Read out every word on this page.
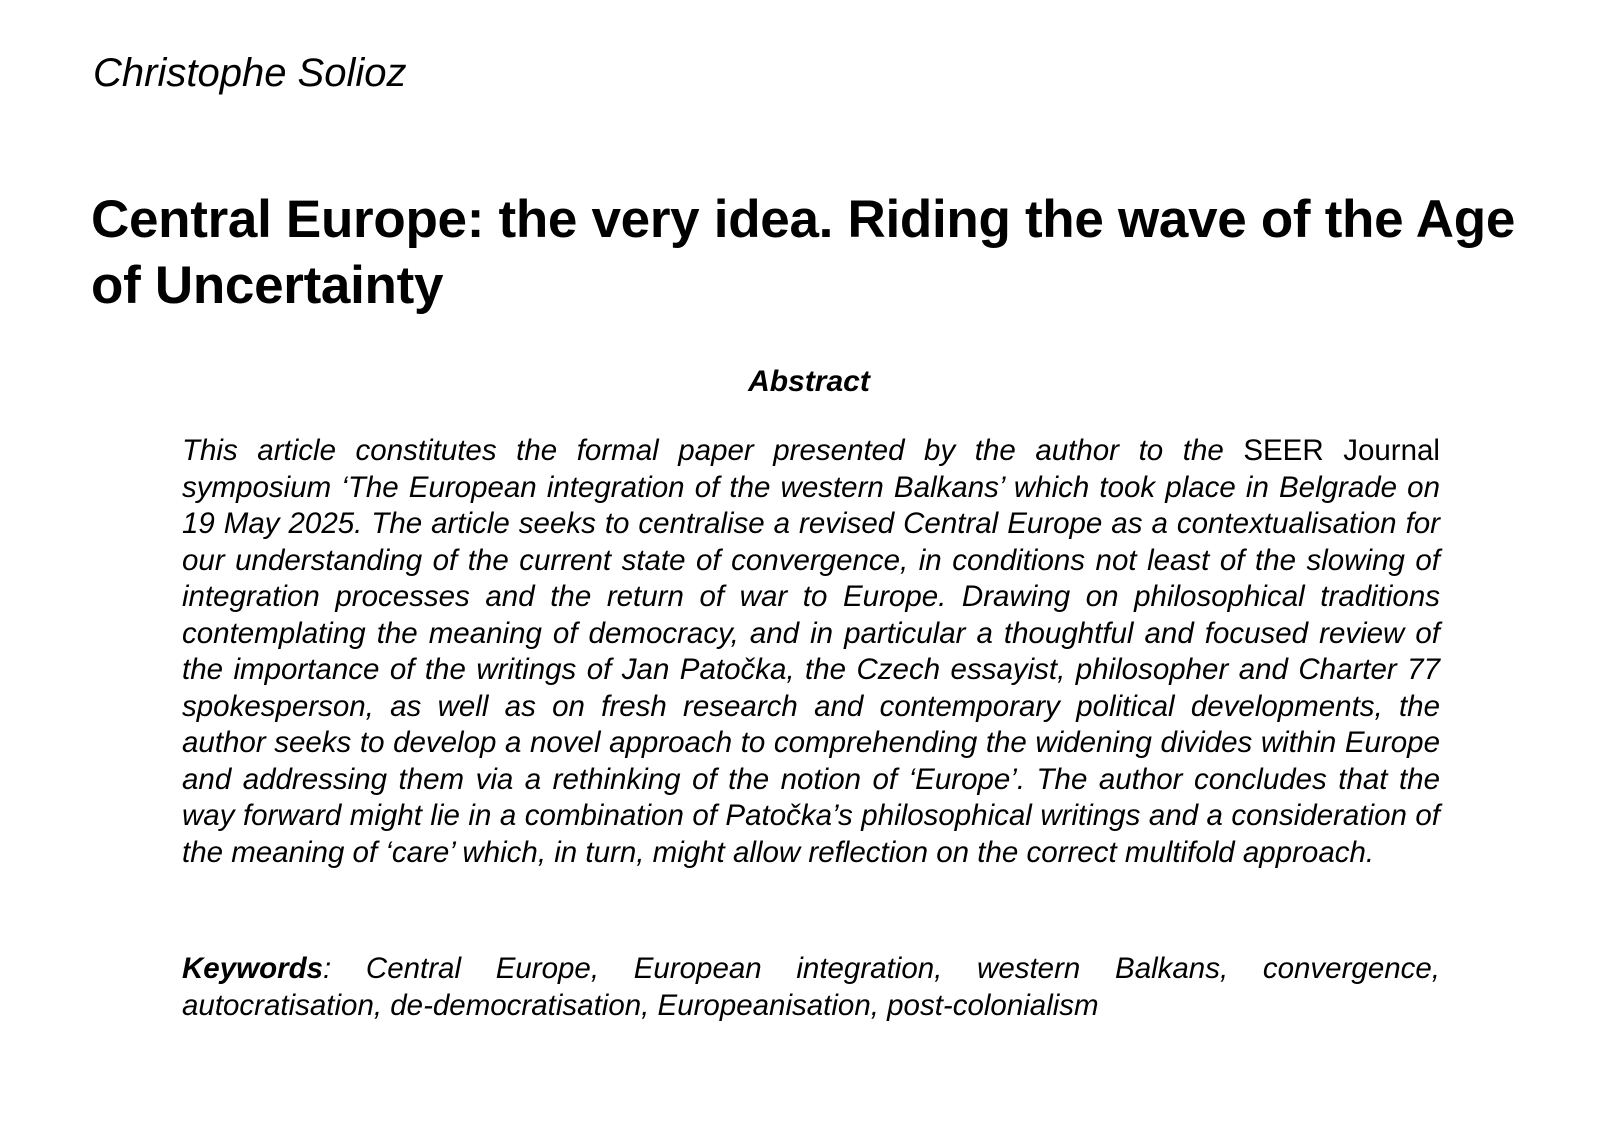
Christophe Solioz

Central Europe: the very idea. Riding the wave of the Age of Uncertainty
Abstract

This article constitutes the formal paper presented by the author to the SEER Journal symposium ‘The European integration of the western Balkans’ which took place in Belgrade on 19 May 2025. The article seeks to centralise a revised Central Europe as a contextualisation for our understanding of the current state of convergence, in conditions not least of the slowing of integration processes and the return of war to Europe. Drawing on philosophical traditions contemplating the meaning of democracy, and in particular a thoughtful and focused review of the importance of the writings of Jan Patočka, the Czech essayist, philosopher and Charter 77 spokesperson, as well as on fresh research and contemporary political developments, the author seeks to develop a novel approach to comprehending the widening divides within Europe and addressing them via a rethinking of the notion of ‘Europe’. The author concludes that the way forward might lie in a combination of Patočka’s philosophical writings and a consideration of the meaning of ‘care’ which, in turn, might allow reflection on the correct multifold approach.

Keywords: Central Europe, European integration, western Balkans, convergence, autocratisation, de-democratisation, Europeanisation, post-colonialism
